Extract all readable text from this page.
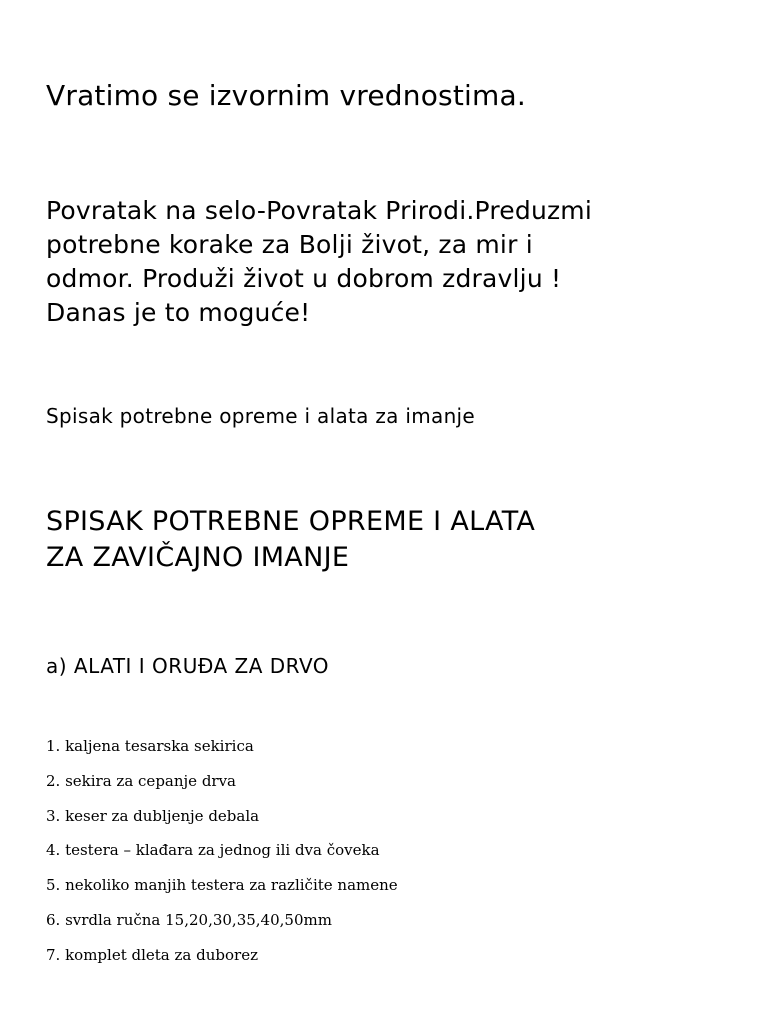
Vratimo se izvornim vrednostima.
Povratak na selo-Povratak Prirodi.Preduzmi
potrebne korake za Bolji život, za mir i
odmor. Produži život u dobrom zdravlju !
Danas je to moguće!
Spisak potrebne opreme i alata za imanje
SPISAK POTREBNE OPREME I ALATA
ZA ZAVIČAJNO IMANJE
a) ALATI I ORUĐA ZA DRVO
1. kaljena tesarska sekirica
2. sekira za cepanje drva
3. keser za dubljenje debala
4. testera – klađara za jednog ili dva čoveka
5. nekoliko manjih testera za različite namene
6. svrdla ručna 15,20,30,35,40,50mm
7. komplet dleta za duborez
